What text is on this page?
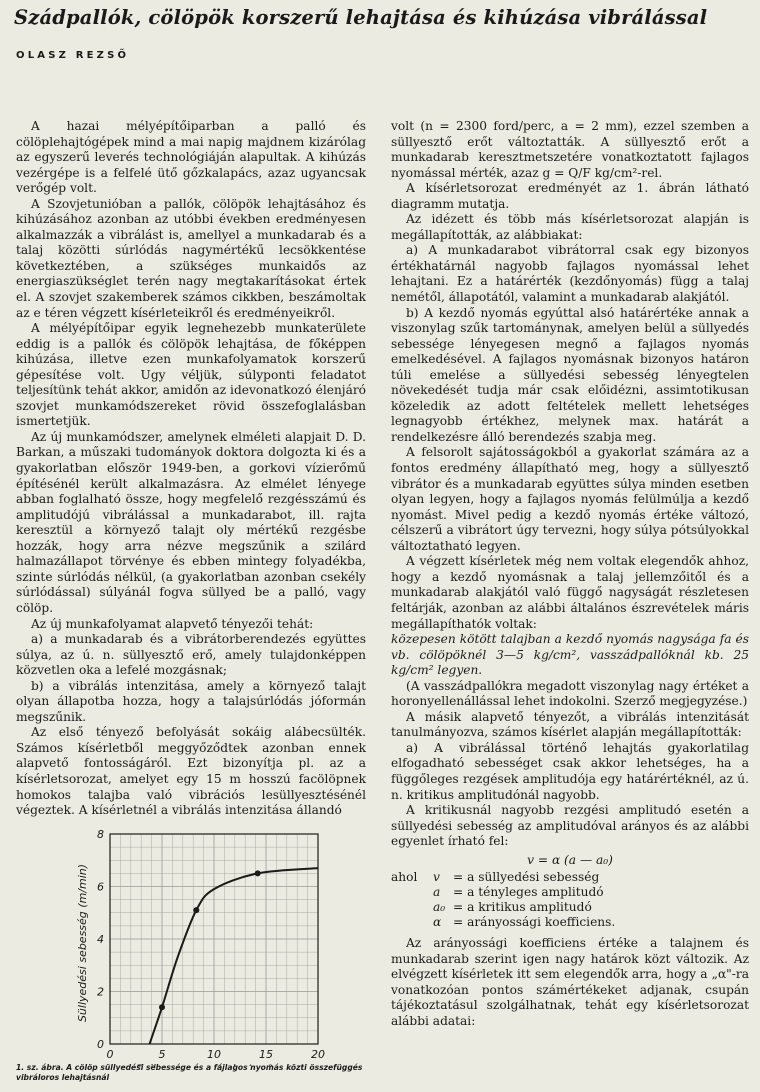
Szádpallók, cölöpök korszerű lehajtása és kihúzása vibrálással
OLASZ REZSŐ

A hazai mélyépítőiparban a palló és cölöplehajtógépek mind a mai napig majdnem kizárólag az egyszerű leverés technológiáján alapultak. A kihúzás vezérgépe is a felfelé ütő gőzkalapács, azaz ugyancsak verőgép volt.

A Szovjetunióban a pallók, cölöpök lehajtásához és kihúzásához azonban az utóbbi években eredményesen alkalmazzák a vibrálást is, amellyel a munkadarab és a talaj közötti súrlódás nagymértékű lecsökkentése következtében, a szükséges munkaidős az energiaszükséglet terén nagy megtakarításokat értek el. A szovjet szakemberek számos cikkben, beszámoltak az e téren végzett kísérleteikről és eredményeikről.

A mélyépítőipar egyik legnehezebb munkaterülete eddig is a pallók és cölöpök lehajtása, de főképpen kihúzása, illetve ezen munkafolyamatok korszerű gépesítése volt. Ugy véljük, súlyponti feladatot teljesítünk tehát akkor, amidőn az idevonatkozó élenjáró szovjet munkamódszereket rövid összefoglalásban ismertetjük.

Az új munkamódszer, amelynek elméleti alapjait D. D. Barkan, a műszaki tudományok doktora dolgozta ki és a gyakorlatban először 1949-ben, a gorkovi vízierőmű építésénél került alkalmazásra. Az elmélet lényege abban foglalható össze, hogy megfelelő rezgésszámú és amplitudójú vibrálással a munkadarabot, ill. rajta keresztül a környező talajt oly mértékű rezgésbe hozzák, hogy arra nézve megszűnik a szilárd halmazállapot törvénye és ebben mintegy folyadékba, szinte súrlódás nélkül, (a gyakorlatban azonban csekély súrlódással) súlyánál fogva süllyed be a palló, vagy cölöp.

Az új munkafolyamat alapvető tényezői tehát:

a) a munkadarab és a vibrátorberendezés együttes súlya, az ú. n. süllyesztő erő, amely tulajdonképpen közvetlen oka a lefelé mozgásnak;

b) a vibrálás intenzitása, amely a környező talajt olyan állapotba hozza, hogy a talajsúrlódás jóformán megszűnik.

Az első tényező befolyását sokáig alábecsülték. Számos kísérletből meggyőződtek azonban ennek alapvető fontosságáról. Ezt bizonyítja pl. az a kísérletsorozat, amelyet egy 15 m hosszú facölöpnek homokos talajba való vibrációs lesüllyesztésénél végeztek. A kísérletnél a vibrálás intenzitása állandó

0
2
4
6
8
0	5	10	15	20
Süllyedési sebesség (m/min)
1. sz. ábra. A cölöp süllyedési sebessége és a fajlagos nyomás közti összefüggés vibráloros lehajtásnál

volt (n = 2300 ford/perc, a = 2 mm), ezzel szemben a süllyesztő erőt változtatták. A süllyesztő erőt a munkadarab keresztmetszetére vonatkoztatott fajlagos nyomással mérték, azaz g = Q/F kg/cm²-rel.

A kísérletsorozat eredményét az 1. ábrán látható diagramm mutatja.

Az idézett és több más kísérletsorozat alapján is megállapították, az alábbiakat:

a) A munkadarabot vibrátorral csak egy bizonyos értékhatárnál nagyobb fajlagos nyomással lehet lehajtani. Ez a határérték (kezdőnyomás) függ a talaj nemétől, állapotától, valamint a munkadarab alakjától.

b) A kezdő nyomás egyúttal alsó határértéke annak a viszonylag szűk tartománynak, amelyen belül a süllyedés sebessége lényegesen megnő a fajlagos nyomás emelkedésével. A fajlagos nyomásnak bizonyos határon túli emelése a süllyedési sebesség lényegtelen növekedését tudja már csak előidézni, assimtotikusan közeledik az adott feltételek mellett lehetséges legnagyobb értékhez, melynek max. határát a rendelkezésre álló berendezés szabja meg.

A felsorolt sajátosságokból a gyakorlat számára az a fontos eredmény állapítható meg, hogy a süllyesztő vibrátor és a munkadarab együttes súlya minden esetben olyan legyen, hogy a fajlagos nyomás felülmúlja a kezdő nyomást. Mivel pedig a kezdő nyomás értéke változó, célszerű a vibrátort úgy tervezni, hogy súlya pótsúlyokkal változtatható legyen.

A végzett kísérletek még nem voltak elegendők ahhoz, hogy a kezdő nyomásnak a talaj jellemzőitől és a munkadarab alakjától való függő nagyságát részletesen feltárják, azonban az alábbi általános észrevételek máris megállapíthatók voltak:

közepesen kötött talajban a kezdő nyomás nagysága fa és vb. cölöpöknél 3—5 kg/cm², vasszádpallóknál kb. 25 kg/cm² legyen.

(A vasszádpallókra megadott viszonylag nagy értéket a horonyellenállással lehet indokolni. Szerző megjegyzése.)

A másik alapvető tényezőt, a vibrálás intenzitását tanulmányozva, számos kísérlet alapján megállapították:

a) A vibrálással történő lehajtás gyakorlatilag elfogadható sebességet csak akkor lehetséges, ha a függőleges rezgések amplitudója egy határértéknél, az ú. n. kritikus amplitudónál nagyobb.

A kritikusnál nagyobb rezgési amplitudó esetén a süllyedési sebesség az amplitudóval arányos és az alábbi egyenlet írható fel:

v = α (a — a₀)
ahol	v	= a süllyedési sebesség
a	= a tényleges amplitudó
a₀ = a kritikus amplitudó
α = arányossági koefficiens.

Az arányossági koefficiens értéke a talajnem és munkadarab szerint igen nagy határok közt változik. Az elvégzett kísérletek itt sem elegendők arra, hogy a „α"-ra vonatkozóan pontos számértékeket adjanak, csupán tájékoztatásul szolgálhatnak, tehát egy kísérletsorozat alábbi adatai:
